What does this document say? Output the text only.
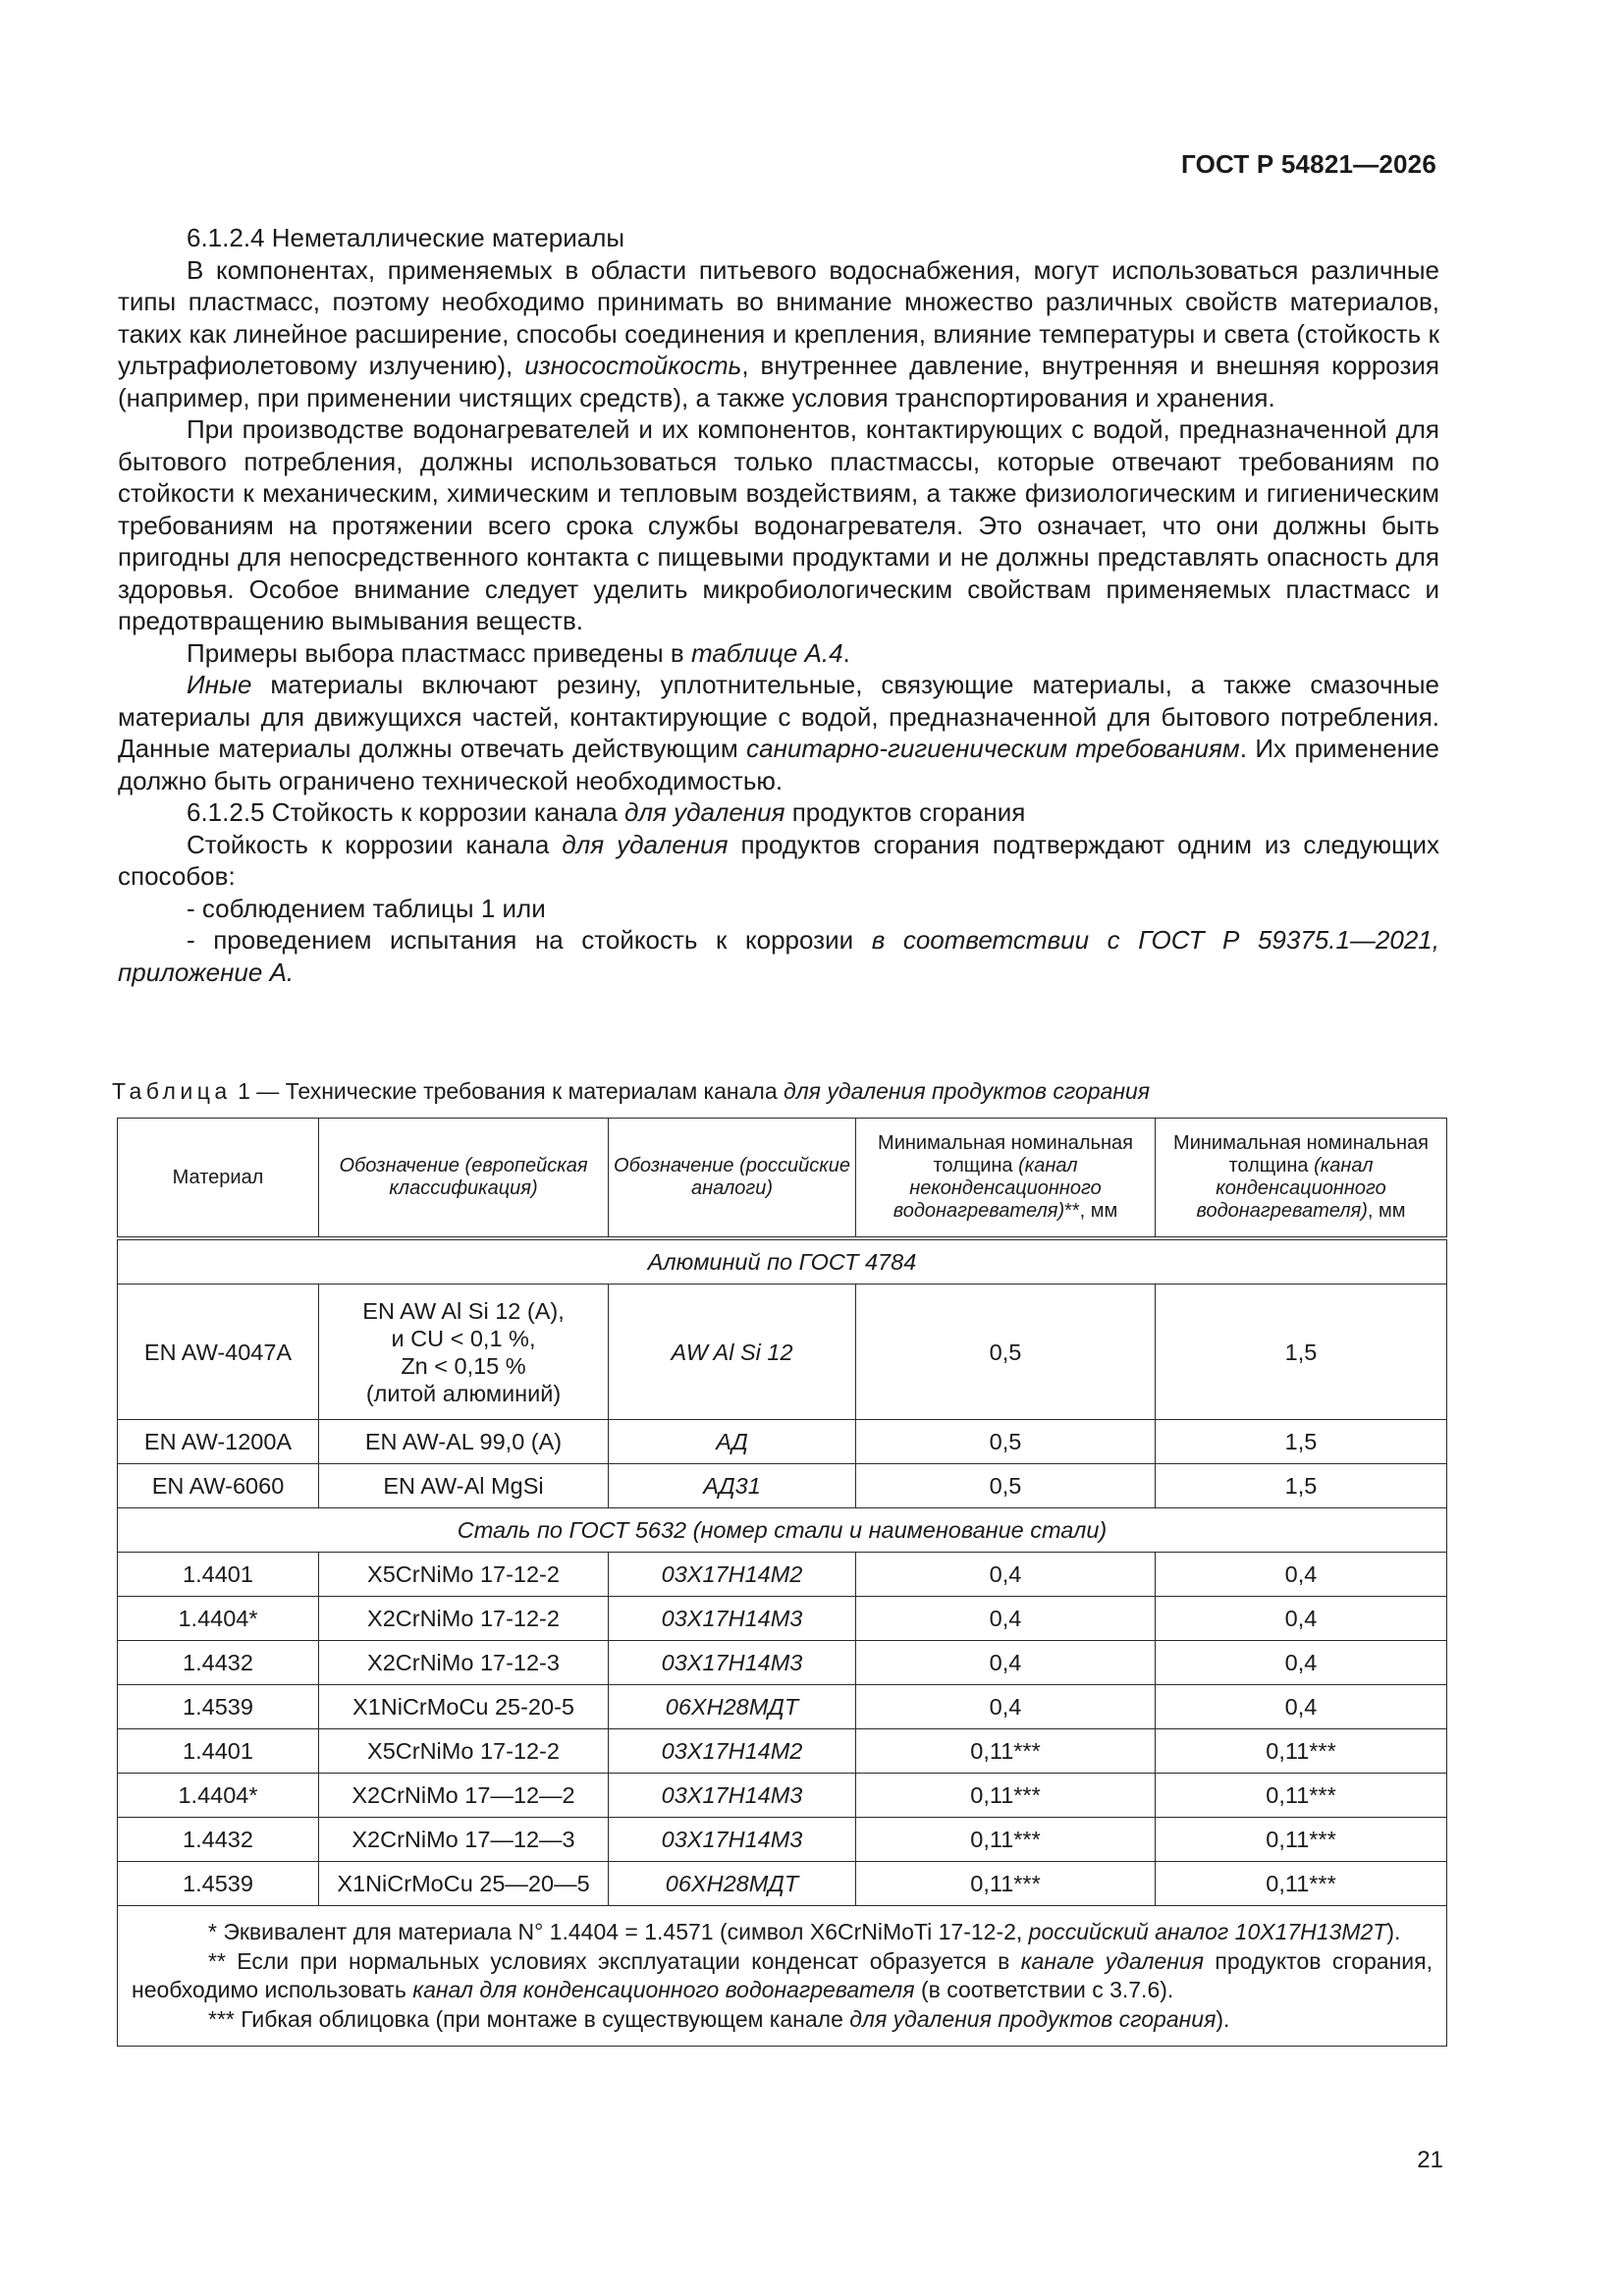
ГОСТ Р 54821—2026

6.1.2.4 Неметаллические материалы

В компонентах, применяемых в области питьевого водоснабжения, могут использоваться различные типы пластмасс, поэтому необходимо принимать во внимание множество различных свойств материалов, таких как линейное расширение, способы соединения и крепления, влияние температуры и света (стойкость к ультрафиолетовому излучению), износостойкость, внутреннее давление, внутренняя и внешняя коррозия (например, при применении чистящих средств), а также условия транспортирования и хранения.

При производстве водонагревателей и их компонентов, контактирующих с водой, предназначенной для бытового потребления, должны использоваться только пластмассы, которые отвечают требованиям по стойкости к механическим, химическим и тепловым воздействиям, а также физиологическим и гигиеническим требованиям на протяжении всего срока службы водонагревателя. Это означает, что они должны быть пригодны для непосредственного контакта с пищевыми продуктами и не должны представлять опасность для здоровья. Особое внимание следует уделить микробиологическим свойствам применяемых пластмасс и предотвращению вымывания веществ.

Примеры выбора пластмасс приведены в таблице А.4.

Иные материалы включают резину, уплотнительные, связующие материалы, а также смазочные материалы для движущихся частей, контактирующие с водой, предназначенной для бытового потребления. Данные материалы должны отвечать действующим санитарно-гигиеническим требованиям. Их применение должно быть ограничено технической необходимостью.

6.1.2.5 Стойкость к коррозии канала для удаления продуктов сгорания

Стойкость к коррозии канала для удаления продуктов сгорания подтверждают одним из следующих способов:

- соблюдением таблицы 1 или

- проведением испытания на стойкость к коррозии в соответствии с ГОСТ Р 59375.1—2021, приложение А.

Таблица 1 — Технические требования к материалам канала для удаления продуктов сгорания
Материал	Обозначение (европейская классификация)	Обозначение (российские аналоги)	Минимальная номинальная толщина (канал неконденсационного водонагревателя)**, мм	Минимальная номинальная толщина (канал конденсационного водонагревателя), мм
Алюминий по ГОСТ 4784				
EN AW-4047A	EN AW Al Si 12 (A),
и CU < 0,1 %,
Zn < 0,15 %
(литой алюминий)	AW Al Si 12	0,5	1,5
EN AW-1200A	EN AW-AL 99,0 (A)	АД	0,5	1,5
EN AW-6060	EN AW-Al MgSi	АД31	0,5	1,5
Сталь по ГОСТ 5632 (номер стали и наименование стали)				
1.4401	X5CrNiMo 17-12-2	03Х17Н14М2	0,4	0,4
1.4404*	X2CrNiMo 17-12-2	03Х17Н14М3	0,4	0,4
1.4432	X2CrNiMo 17-12-3	03Х17Н14М3	0,4	0,4
1.4539	X1NiCrMoCu 25-20-5	06ХН28МДТ	0,4	0,4
1.4401	X5CrNiMo 17-12-2	03Х17Н14М2	0,11***	0,11***
1.4404*	X2CrNiMo 17—12—2	03Х17Н14М3	0,11***	0,11***
1.4432	X2CrNiMo 17—12—3	03Х17Н14М3	0,11***	0,11***
1.4539	X1NiCrMoCu 25—20—5	06ХН28МДТ	0,11***	0,11***

* Эквивалент для материала N° 1.4404 = 1.4571 (символ X6CrNiMoTi 17-12-2, российский аналог 10Х17Н13М2Т).

** Если при нормальных условиях эксплуатации конденсат образуется в канале удаления продуктов сгорания, необходимо использовать канал для конденсационного водонагревателя (в соответствии с 3.7.6).

*** Гибкая облицовка (при монтаже в существующем канале для удаления продуктов сгорания).				

21
